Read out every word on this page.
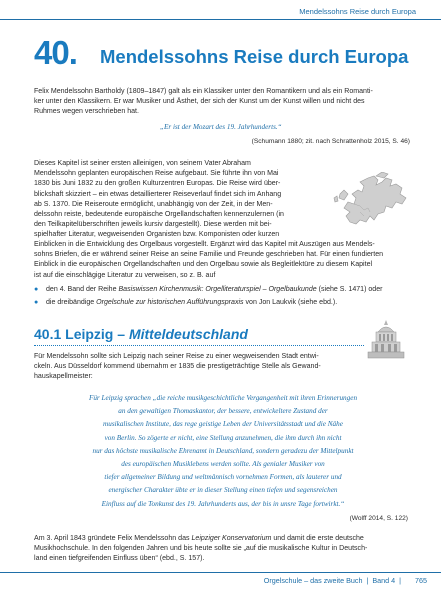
Mendelssohns Reise durch Europa
40. Mendelssohns Reise durch Europa
Felix Mendelssohn Bartholdy (1809–1847) galt als ein Klassiker unter den Romantikern und als ein Romanti-
ker unter den Klassikern. Er war Musiker und Ästhet, der sich der Kunst um der Kunst willen und nicht des
Ruhmes wegen verschrieben hat.
„Er ist der Mozart des 19. Jahrhunderts.“
(Schumann 1880; zit. nach Schrattenholz 2015, S. 46)
Dieses Kapitel ist seiner ersten alleinigen, von seinem Vater Abraham
Mendelssohn geplanten europäischen Reise aufgebaut. Sie führte ihn von Mai
1830 bis Juni 1832 zu den großen Kulturzentren Europas. Die Reise wird über-
blickshaft skizziert – ein etwas detaillierterer Reiseverlauf findet sich im Anhang
ab S. 1370. Die Reiseroute ermöglicht, unabhängig von der Zeit, in der Men-
delssohn reiste, bedeutende europäische Orgellandschaften kennenzulernen (in
den Teilkapitelüberschriften jeweils kursiv dargestellt). Diese werden mit bei-
spielhafter Literatur, wegweisenden Organisten bzw. Komponisten oder kurzen
Einblicken in die Entwicklung des Orgelbaus vorgestellt. Ergänzt wird das Kapitel mit Auszügen aus Mendels-
sohns Briefen, die er während seiner Reise an seine Familie und Freunde geschrieben hat. Für einen fundierten
Einblick in die europäischen Orgellandschaften und den Orgelbau sowie als Begleitlektüre zu diesem Kapitel
ist auf die einschlägige Literatur zu verweisen, so z. B. auf
● den 4. Band der Reihe Basiswissen Kirchenmusik: Orgelliteraturspiel – Orgelbaukunde (siehe S. 1471) oder
● die dreibändige Orgelschule zur historischen Aufführungspraxis von Jon Laukvik (siehe ebd.).
40.1 Leipzig – Mitteldeutschland
Für Mendelssohn sollte sich Leipzig nach seiner Reise zu einer wegweisenden Stadt entwi-
ckeln. Aus Düsseldorf kommend übernahm er 1835 die prestigeträchtige Stelle als Gewand-
hauskapellmeister:
Für Leipzig sprachen „die reiche musikgeschichtliche Vergangenheit mit ihren Erinnerungen
an den gewaltigen Thomaskantor, der bessere, entwickeltere Zustand der
musikalischen Institute, das rege geistige Leben der Universitätsstadt und die Nähe
von Berlin. So zögerte er nicht, eine Stellung anzunehmen, die ihm durch ihn nicht
nur das höchste musikalische Ehrenamt in Deutschland, sondern geradezu der Mittelpunkt
des europäischen Musiklebens werden sollte. Als genialer Musiker von
tiefer allgemeiner Bildung und weltmännisch vornehmen Formen, als lauterer und
energischer Charakter übte er in dieser Stellung einen tiefen und segensreichen
Einfluss auf die Tonkunst des 19. Jahrhunderts aus, der bis in unsre Tage fortwirkt.“
(Wolff 2014, S. 122)
Am 3. April 1843 gründete Felix Mendelssohn das Leipziger Konservatorium und damit die erste deutsche
Musikhochschule. In den folgenden Jahren und bis heute sollte sie „auf die musikalische Kultur in Deutsch-
land einen tiefgreifenden Einfluss üben“ (ebd., S. 157).
Orgelschule – das zweite Buch | Band 4 |	765
